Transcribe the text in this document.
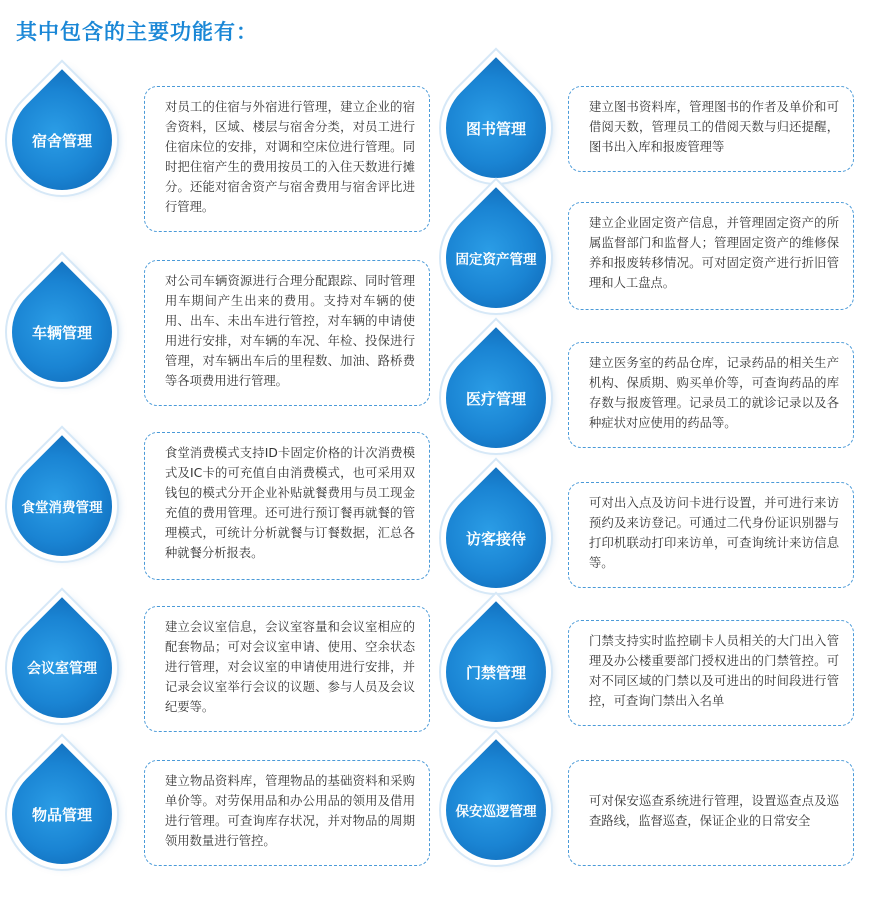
其中包含的主要功能有：
宿舍管理

对员工的住宿与外宿进行管理，建立企业的宿舍资料，区域、楼层与宿舍分类，对员工进行住宿床位的安排，对调和空床位进行管理。同时把住宿产生的费用按员工的入住天数进行摊分。还能对宿舍资产与宿舍费用与宿舍评比进行管理。

车辆管理

对公司车辆资源进行合理分配跟踪、同时管理用车期间产生出来的费用。支持对车辆的使用、出车、未出车进行管控，对车辆的申请使用进行安排，对车辆的车况、年检、投保进行管理，对车辆出车后的里程数、加油、路桥费等各项费用进行管理。

食堂消费管理

食堂消费模式支持ID卡固定价格的计次消费模式及IC卡的可充值自由消费模式，也可采用双钱包的模式分开企业补贴就餐费用与员工现金充值的费用管理。还可进行预订餐再就餐的管理模式，可统计分析就餐与订餐数据，汇总各种就餐分析报表。

会议室管理

建立会议室信息，会议室容量和会议室相应的配套物品；可对会议室申请、使用、空余状态进行管理，对会议室的申请使用进行安排，并记录会议室举行会议的议题、参与人员及会议纪要等。

物品管理

建立物品资料库，管理物品的基础资料和采购单价等。对劳保用品和办公用品的领用及借用进行管理。可查询库存状况，并对物品的周期领用数量进行管控。

图书管理

建立图书资料库，管理图书的作者及单价和可借阅天数，管理员工的借阅天数与归还提醒，图书出入库和报废管理等

固定资产管理

建立企业固定资产信息，并管理固定资产的所属监督部门和监督人；管理固定资产的维修保养和报废转移情况。可对固定资产进行折旧管理和人工盘点。

医疗管理

建立医务室的药品仓库，记录药品的相关生产机构、保质期、购买单价等，可查询药品的库存数与报废管理。记录员工的就诊记录以及各种症状对应使用的药品等。

访客接待

可对出入点及访问卡进行设置，并可进行来访预约及来访登记。可通过二代身份证识别器与打印机联动打印来访单，可查询统计来访信息等。

门禁管理

门禁支持实时监控刷卡人员相关的大门出入管理及办公楼重要部门授权进出的门禁管控。可对不同区域的门禁以及可进出的时间段进行管控，可查询门禁出入名单

保安巡逻管理

可对保安巡查系统进行管理，设置巡查点及巡查路线，监督巡查，保证企业的日常安全
